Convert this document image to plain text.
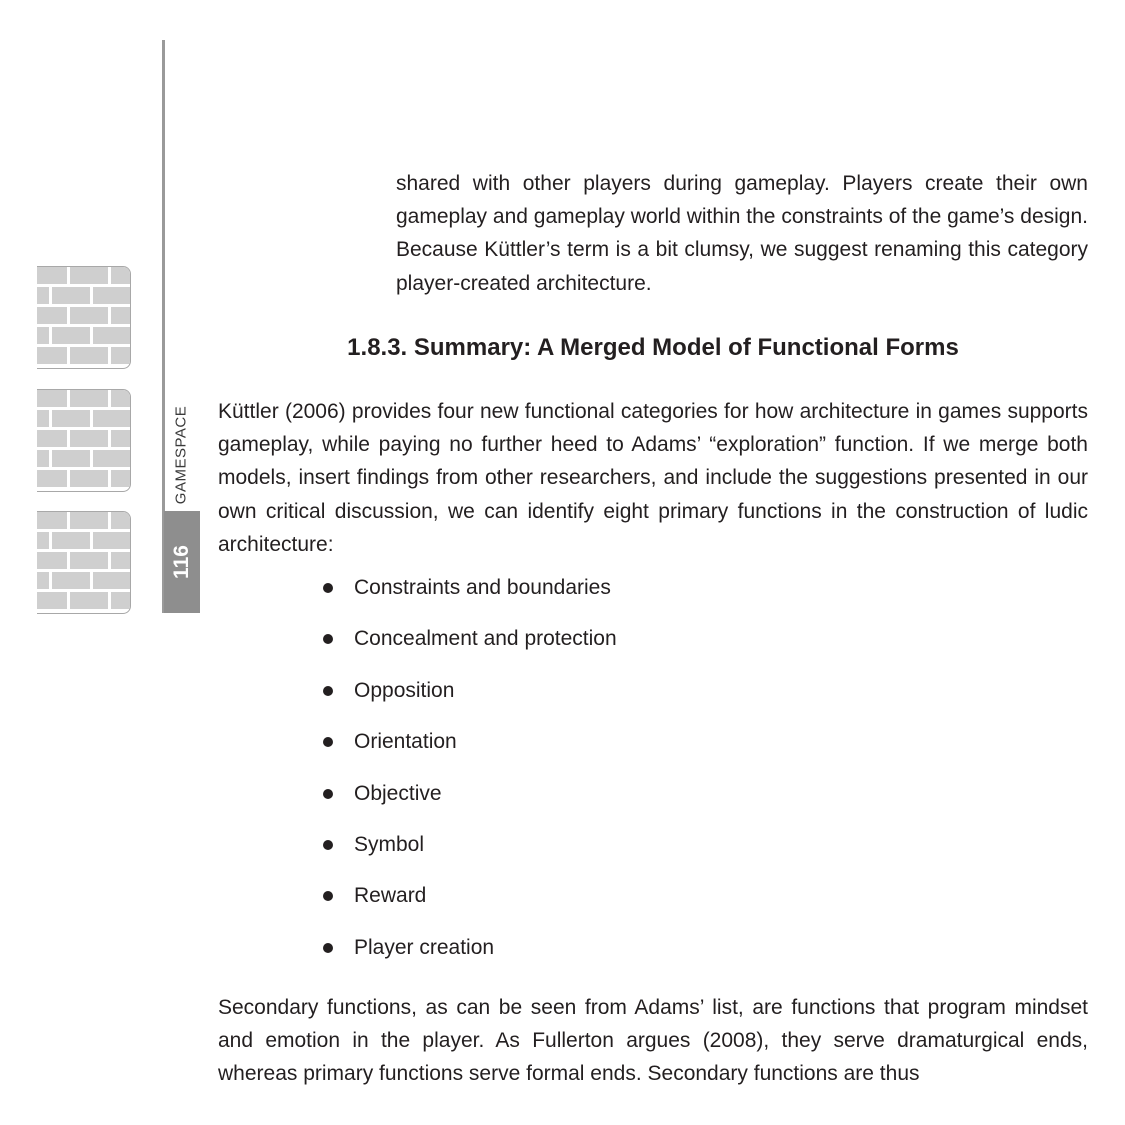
GAMESPACE
116
shared with other players during gameplay. Players create their own gameplay and gameplay world within the constraints of the game’s design. Because Küttler’s term is a bit clumsy, we suggest renaming this category player-created architecture.
1.8.3. Summary: A Merged Model of Functional Forms
Küttler (2006) provides four new functional categories for how architecture in games supports gameplay, while paying no further heed to Adams’ “exploration” function. If we merge both models, insert findings from other researchers, and include the suggestions presented in our own critical discussion, we can identify eight primary functions in the construction of ludic architecture:
Constraints and boundaries
Concealment and protection
Opposition
Orientation
Objective
Symbol
Reward
Player creation
Secondary functions, as can be seen from Adams’ list, are functions that program mindset and emotion in the player. As Fullerton argues (2008), they serve dramaturgical ends, whereas primary functions serve formal ends. Secondary functions are thus
